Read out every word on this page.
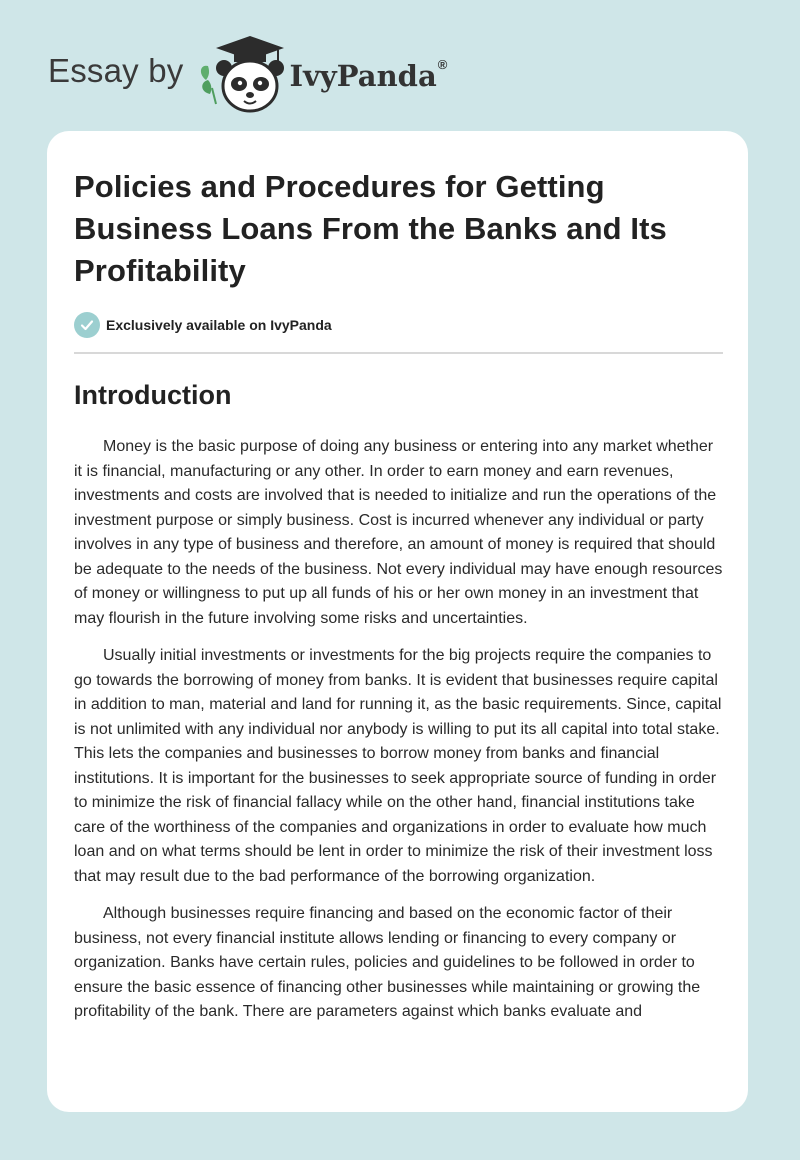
Essay by	IvyPanda®
Policies and Procedures for Getting Business Loans From the Banks and Its Profitability
Exclusively available on IvyPanda
Introduction

Money is the basic purpose of doing any business or entering into any market whether it is financial, manufacturing or any other. In order to earn money and earn revenues, investments and costs are involved that is needed to initialize and run the operations of the investment purpose or simply business. Cost is incurred whenever any individual or party involves in any type of business and therefore, an amount of money is required that should be adequate to the needs of the business. Not every individual may have enough resources of money or willingness to put up all funds of his or her own money in an investment that may flourish in the future involving some risks and uncertainties.

Usually initial investments or investments for the big projects require the companies to go towards the borrowing of money from banks. It is evident that businesses require capital in addition to man, material and land for running it, as the basic requirements. Since, capital is not unlimited with any individual nor anybody is willing to put its all capital into total stake. This lets the companies and businesses to borrow money from banks and financial institutions. It is important for the businesses to seek appropriate source of funding in order to minimize the risk of financial fallacy while on the other hand, financial institutions take care of the worthiness of the companies and organizations in order to evaluate how much loan and on what terms should be lent in order to minimize the risk of their investment loss that may result due to the bad performance of the borrowing organization.

Although businesses require financing and based on the economic factor of their business, not every financial institute allows lending or financing to every company or organization. Banks have certain rules, policies and guidelines to be followed in order to ensure the basic essence of financing other businesses while maintaining or growing the profitability of the bank. There are parameters against which banks evaluate and
